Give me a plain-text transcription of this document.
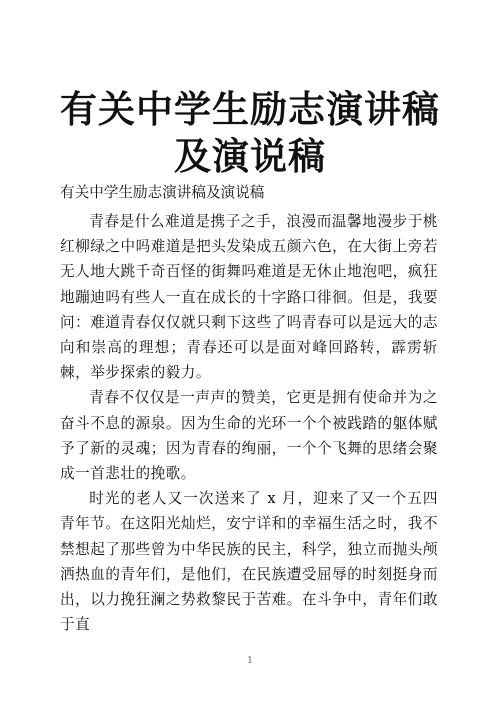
有关中学生励志演讲稿及演说稿

有关中学生励志演讲稿及演说稿

青春是什么难道是携子之手，浪漫而温馨地漫步于桃红柳绿之中吗难道是把头发染成五颜六色，在大街上旁若无人地大跳千奇百怪的街舞吗难道是无休止地泡吧，疯狂地蹦迪吗有些人一直在成长的十字路口徘徊。但是，我要问：难道青春仅仅就只剩下这些了吗青春可以是远大的志向和崇高的理想；青春还可以是面对峰回路转，霹雳斩棘，举步探索的毅力。

青春不仅仅是一声声的赞美，它更是拥有使命并为之奋斗不息的源泉。因为生命的光环一个个被践踏的躯体赋予了新的灵魂；因为青春的绚丽，一个个飞舞的思绪会聚成一首悲壮的挽歌。

时光的老人又一次送来了 x 月，迎来了又一个五四青年节。在这阳光灿烂，安宁详和的幸福生活之时，我不禁想起了那些曾为中华民族的民主，科学，独立而抛头颅洒热血的青年们，是他们，在民族遭受屈辱的时刻挺身而出，以力挽狂澜之势救黎民于苦难。在斗争中，青年们敢于直

1
